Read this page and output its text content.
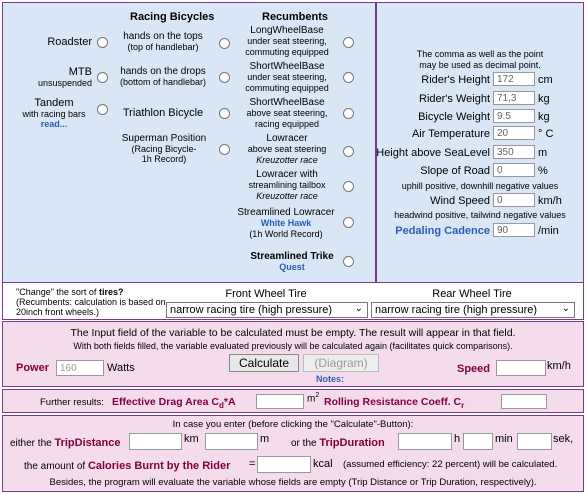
Racing Bicycles	Recumbents
Roadster
MTB
unsuspended
Tandem
with racing bars
read...
hands on the tops
(top of handlebar)
hands on the drops
(bottom of handlebar)
Triathlon Bicycle
Superman Position
(Racing Bicycle-
1h Record)
LongWheelBase
under seat steering,
commuting equipped
ShortWheelBase
under seat steering,
commuting equipped
ShortWheelBase
above seat steering,
racing equipped
Lowracer
above seat steering
Kreuzotter race
Lowracer with
streamlining tailbox
Kreuzotter race
Streamlined Lowracer
White Hawk
(1h World Record)
Streamlined Trike
Quest
The comma as well as the point
may be used as decimal point.
Rider's Height
172	cm
Rider's Weight
71,3	kg
Bicycle Weight
9.5	kg
Air Temperature
20	° C
Height above SeaLevel
350	m
Slope of Road
0	%
uphill positive, downhill negative values
Wind Speed
0	km/h
headwind positive, tailwind negative values
Pedaling Cadence
90	/min
"Change" the sort of tires?
(Recumbents: calculation is based on 20inch front wheels.)
Front Wheel Tire	Rear Wheel Tire
narrow racing tire (high pressure) ⌄	narrow racing tire (high pressure) ⌄
The Input field of the variable to be calculated must be empty. The result will appear in that field.
With both fields filled, the variable evaluated previously will be calculated again (facilitates quick comparisons).
Power
160	Watts	Calculate	(Diagram)
Notes:
Speed	km/h
Further results: Effective Drag Area $C_d*A$	$m^2$
Rolling Resistance Coeff. $C_r$
In case you enter (before clicking the "Calculate"-Button):
either the TripDistance	km	m or the TripDuration	h	min	sek,
the amount of Calories Burnt by the Rider =	kcal (assumed efficiency: 22 percent) will be calculated.
Besides, the program will evaluate the variable whose fields are empty (Trip Distance or Trip Duration, respectively).
